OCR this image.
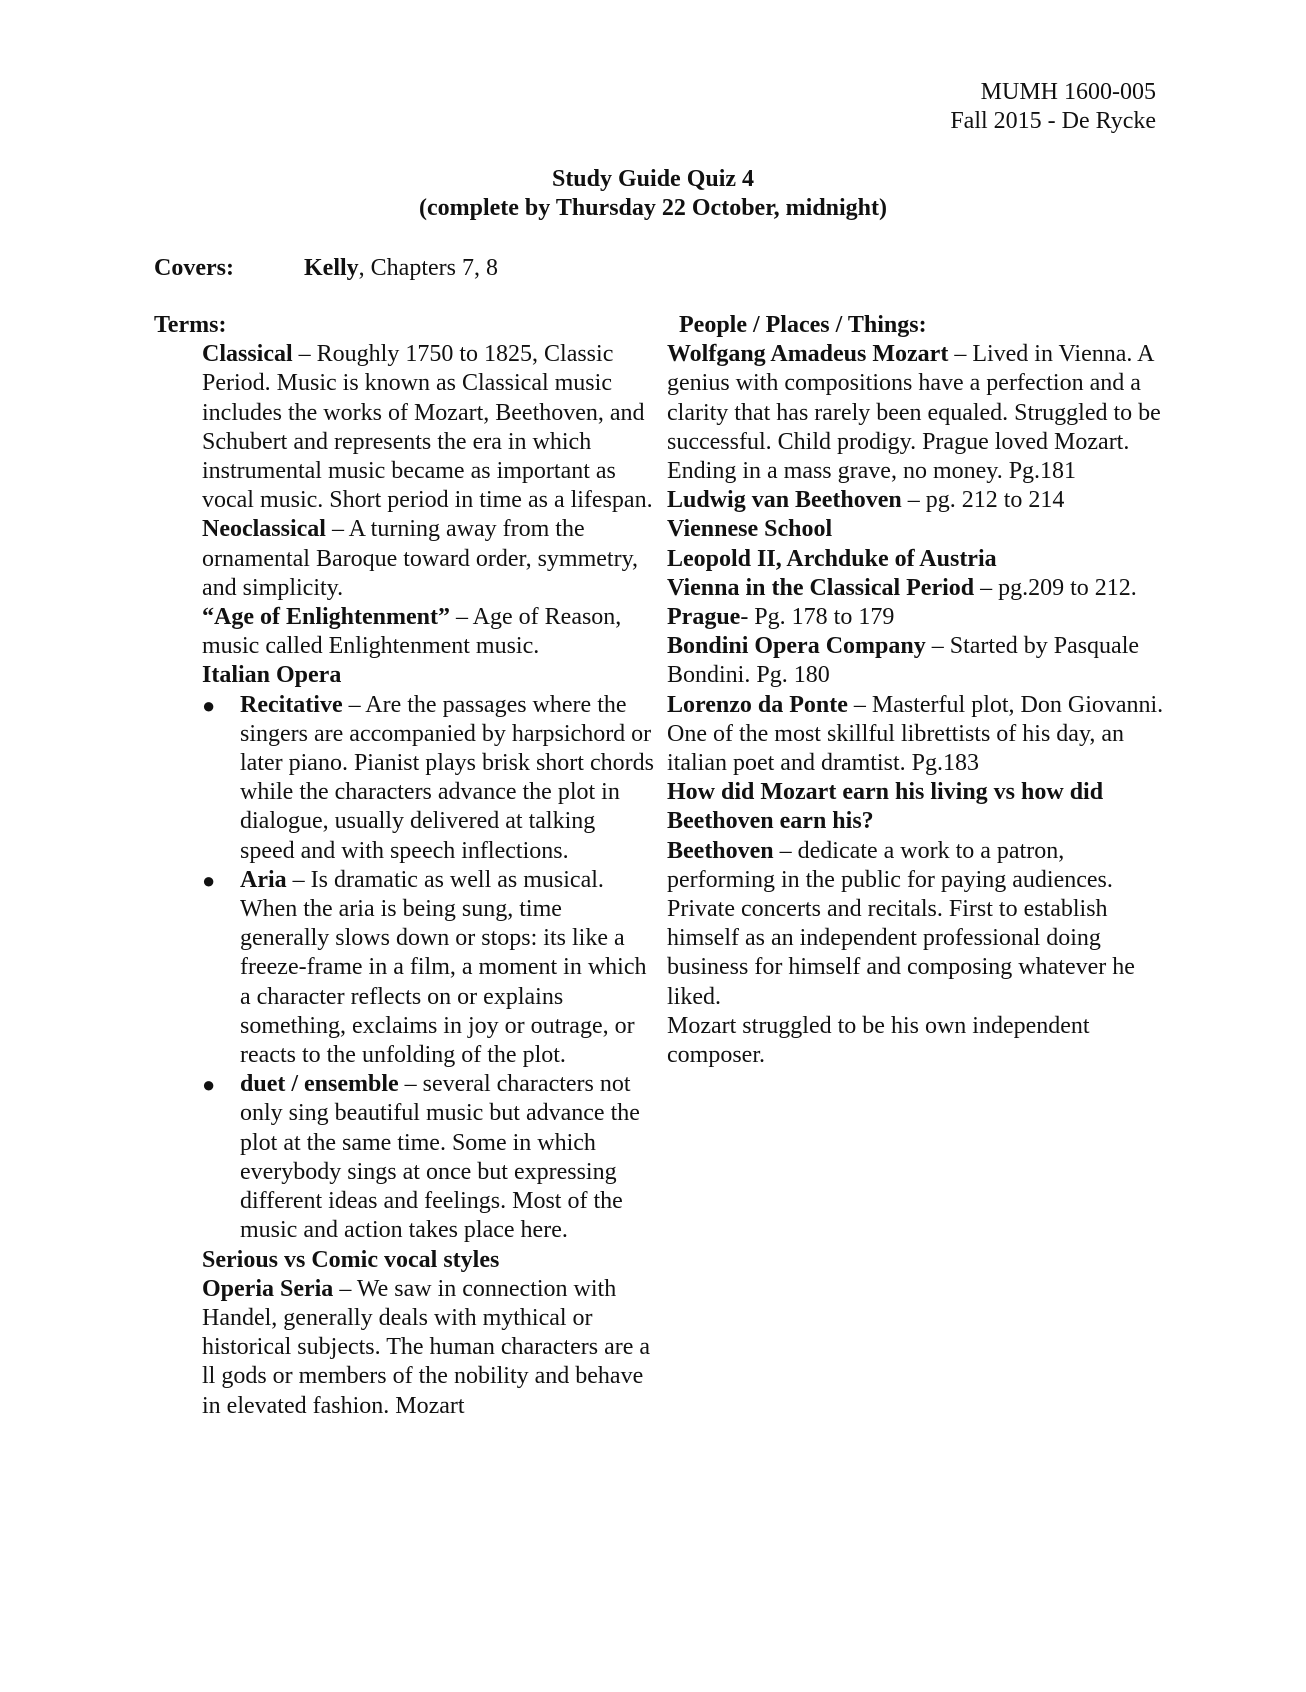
MUMH 1600-005
Fall 2015 - De Rycke
Study Guide Quiz 4
(complete by Thursday 22 October, midnight)
Covers:	Kelly, Chapters 7, 8
Terms:

Classical – Roughly 1750 to 1825, Classic Period. Music is known as Classical music includes the works of Mozart, Beethoven, and Schubert and represents the era in which instrumental music became as important as vocal music. Short period in time as a lifespan.

Neoclassical – A turning away from the ornamental Baroque toward order, symmetry, and simplicity.

“Age of Enlightenment” – Age of Reason, music called Enlightenment music.

Italian Opera

● Recitative – Are the passages where the singers are accompanied by harpsichord or later piano. Pianist plays brisk short chords while the characters advance the plot in dialogue, usually delivered at talking speed and with speech inflections.
● Aria – Is dramatic as well as musical. When the aria is being sung, time generally slows down or stops: its like a freeze-frame in a film, a moment in which a character reflects on or explains something, exclaims in joy or outrage, or reacts to the unfolding of the plot.
● duet / ensemble – several characters not only sing beautiful music but advance the plot at the same time. Some in which everybody sings at once but expressing different ideas and feelings. Most of the music and action takes place here.

Serious vs Comic vocal styles

Operia Seria – We saw in connection with Handel, generally deals with mythical or historical subjects. The human characters are a ll gods or members of the nobility and behave in elevated fashion. Mozart

People / Places / Things:

Wolfgang Amadeus Mozart – Lived in Vienna. A genius with compositions have a perfection and a clarity that has rarely been equaled. Struggled to be successful. Child prodigy. Prague loved Mozart. Ending in a mass grave, no money. Pg.181

Ludwig van Beethoven – pg. 212 to 214

Viennese School

Leopold II, Archduke of Austria

Vienna in the Classical Period – pg.209 to 212.

Prague- Pg. 178 to 179

Bondini Opera Company – Started by Pasquale Bondini. Pg. 180

Lorenzo da Ponte – Masterful plot, Don Giovanni. One of the most skillful librettists of his day, an italian poet and dramtist. Pg.183

How did Mozart earn his living vs how did Beethoven earn his?

Beethoven – dedicate a work to a patron, performing in the public for paying audiences. Private concerts and recitals. First to establish himself as an independent professional doing business for himself and composing whatever he liked.

Mozart struggled to be his own independent composer.
